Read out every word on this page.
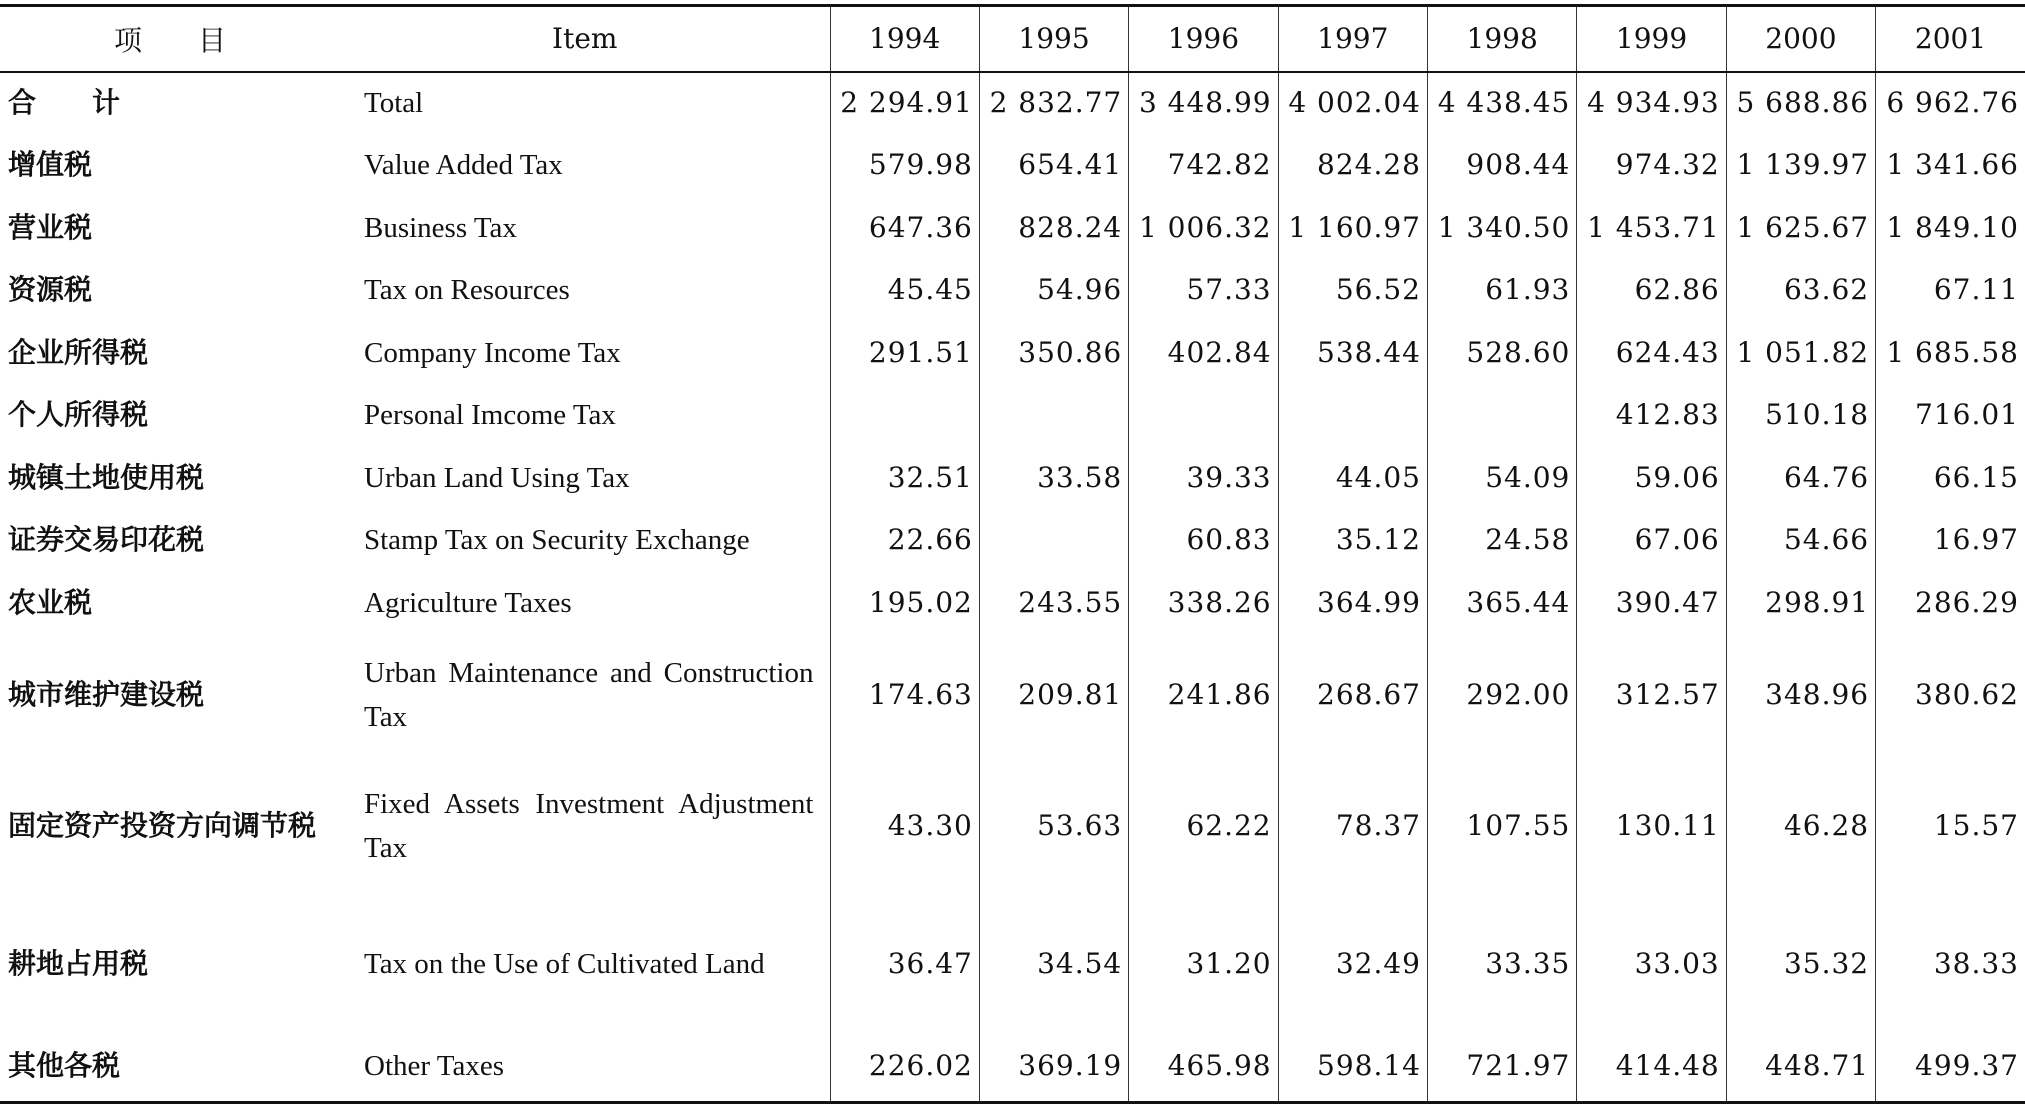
项　　目	Item	1994	1995	1996	1997	1998	1999	2000	2001
合　　计	Total	2 294.91	2 832.77	3 448.99	4 002.04	4 438.45	4 934.93	5 688.86	6 962.76
增值税	Value Added Tax	579.98	654.41	742.82	824.28	908.44	974.32	1 139.97	1 341.66
营业税	Business Tax	647.36	828.24	1 006.32	1 160.97	1 340.50	1 453.71	1 625.67	1 849.10
资源税	Tax on Resources	45.45	54.96	57.33	56.52	61.93	62.86	63.62	67.11
企业所得税	Company Income Tax	291.51	350.86	402.84	538.44	528.60	624.43	1 051.82	1 685.58
个人所得税	Personal Imcome Tax						412.83	510.18	716.01
城镇土地使用税	Urban Land Using Tax	32.51	33.58	39.33	44.05	54.09	59.06	64.76	66.15
证券交易印花税	Stamp Tax on Security Exchange	22.66		60.83	35.12	24.58	67.06	54.66	16.97
农业税	Agriculture Taxes	195.02	243.55	338.26	364.99	365.44	390.47	298.91	286.29
城市维护建设税	Urban Maintenance and Construction Tax	174.63	209.81	241.86	268.67	292.00	312.57	348.96	380.62
固定资产投资方向调节税	Fixed Assets Investment Adjustment Tax	43.30	53.63	62.22	78.37	107.55	130.11	46.28	15.57
耕地占用税	Tax on the Use of Cultivated Land	36.47	34.54	31.20	32.49	33.35	33.03	35.32	38.33
其他各税	Other Taxes	226.02	369.19	465.98	598.14	721.97	414.48	448.71	499.37
